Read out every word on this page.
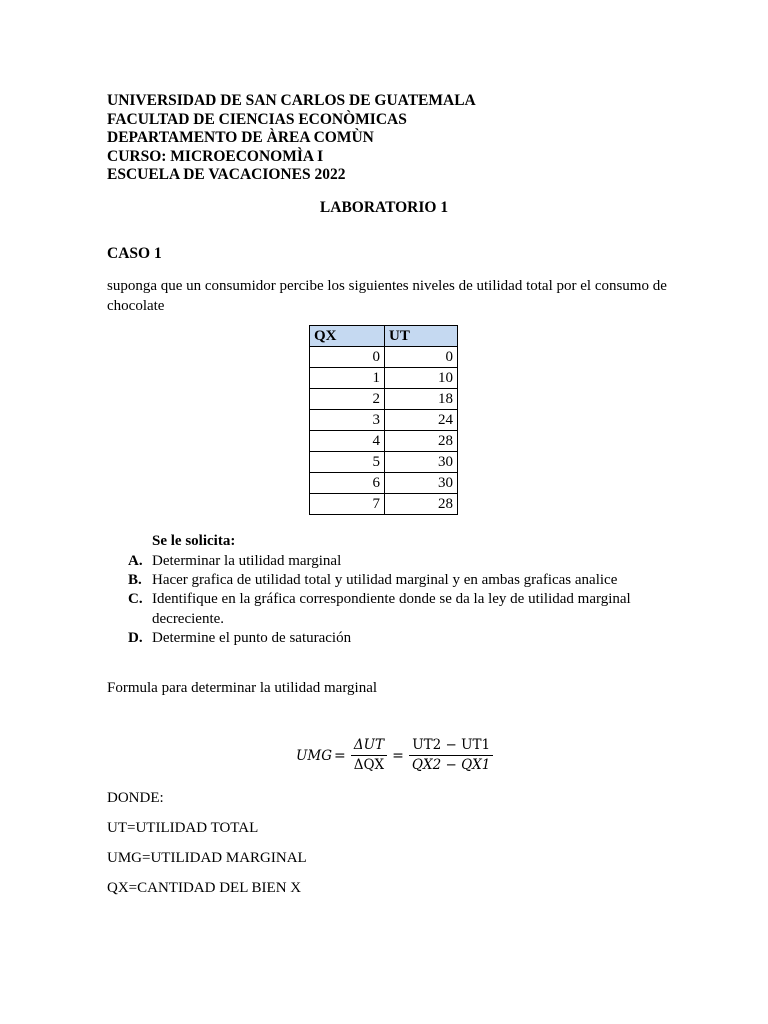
UNIVERSIDAD DE SAN CARLOS DE GUATEMALA
FACULTAD DE CIENCIAS ECONÒMICAS
DEPARTAMENTO DE ÀREA COMÙN
CURSO: MICROECONOMÌA I
ESCUELA DE VACACIONES 2022
LABORATORIO 1
CASO 1
suponga que un consumidor percibe los siguientes niveles de utilidad total por el consumo de chocolate
QX	UT
0	0
1	10
2	18
3	24
4	28
5	30
6	30
7	28
Se le solicita:
A. Determinar la utilidad marginal
B. Hacer grafica de utilidad total y utilidad marginal y en ambas graficas analice
C. Identifique en la gráfica correspondiente donde se da la ley de utilidad marginal decreciente.
D. Determine el punto de saturación
Formula para determinar la utilidad marginal
UMG = $\frac{\text{ΔUT}}{\text{ΔQX}} = \frac{UT2 - UT1}{QX2 - QX1}$
DONDE:
UT=UTILIDAD TOTAL
UMG=UTILIDAD MARGINAL
QX=CANTIDAD DEL BIEN X
